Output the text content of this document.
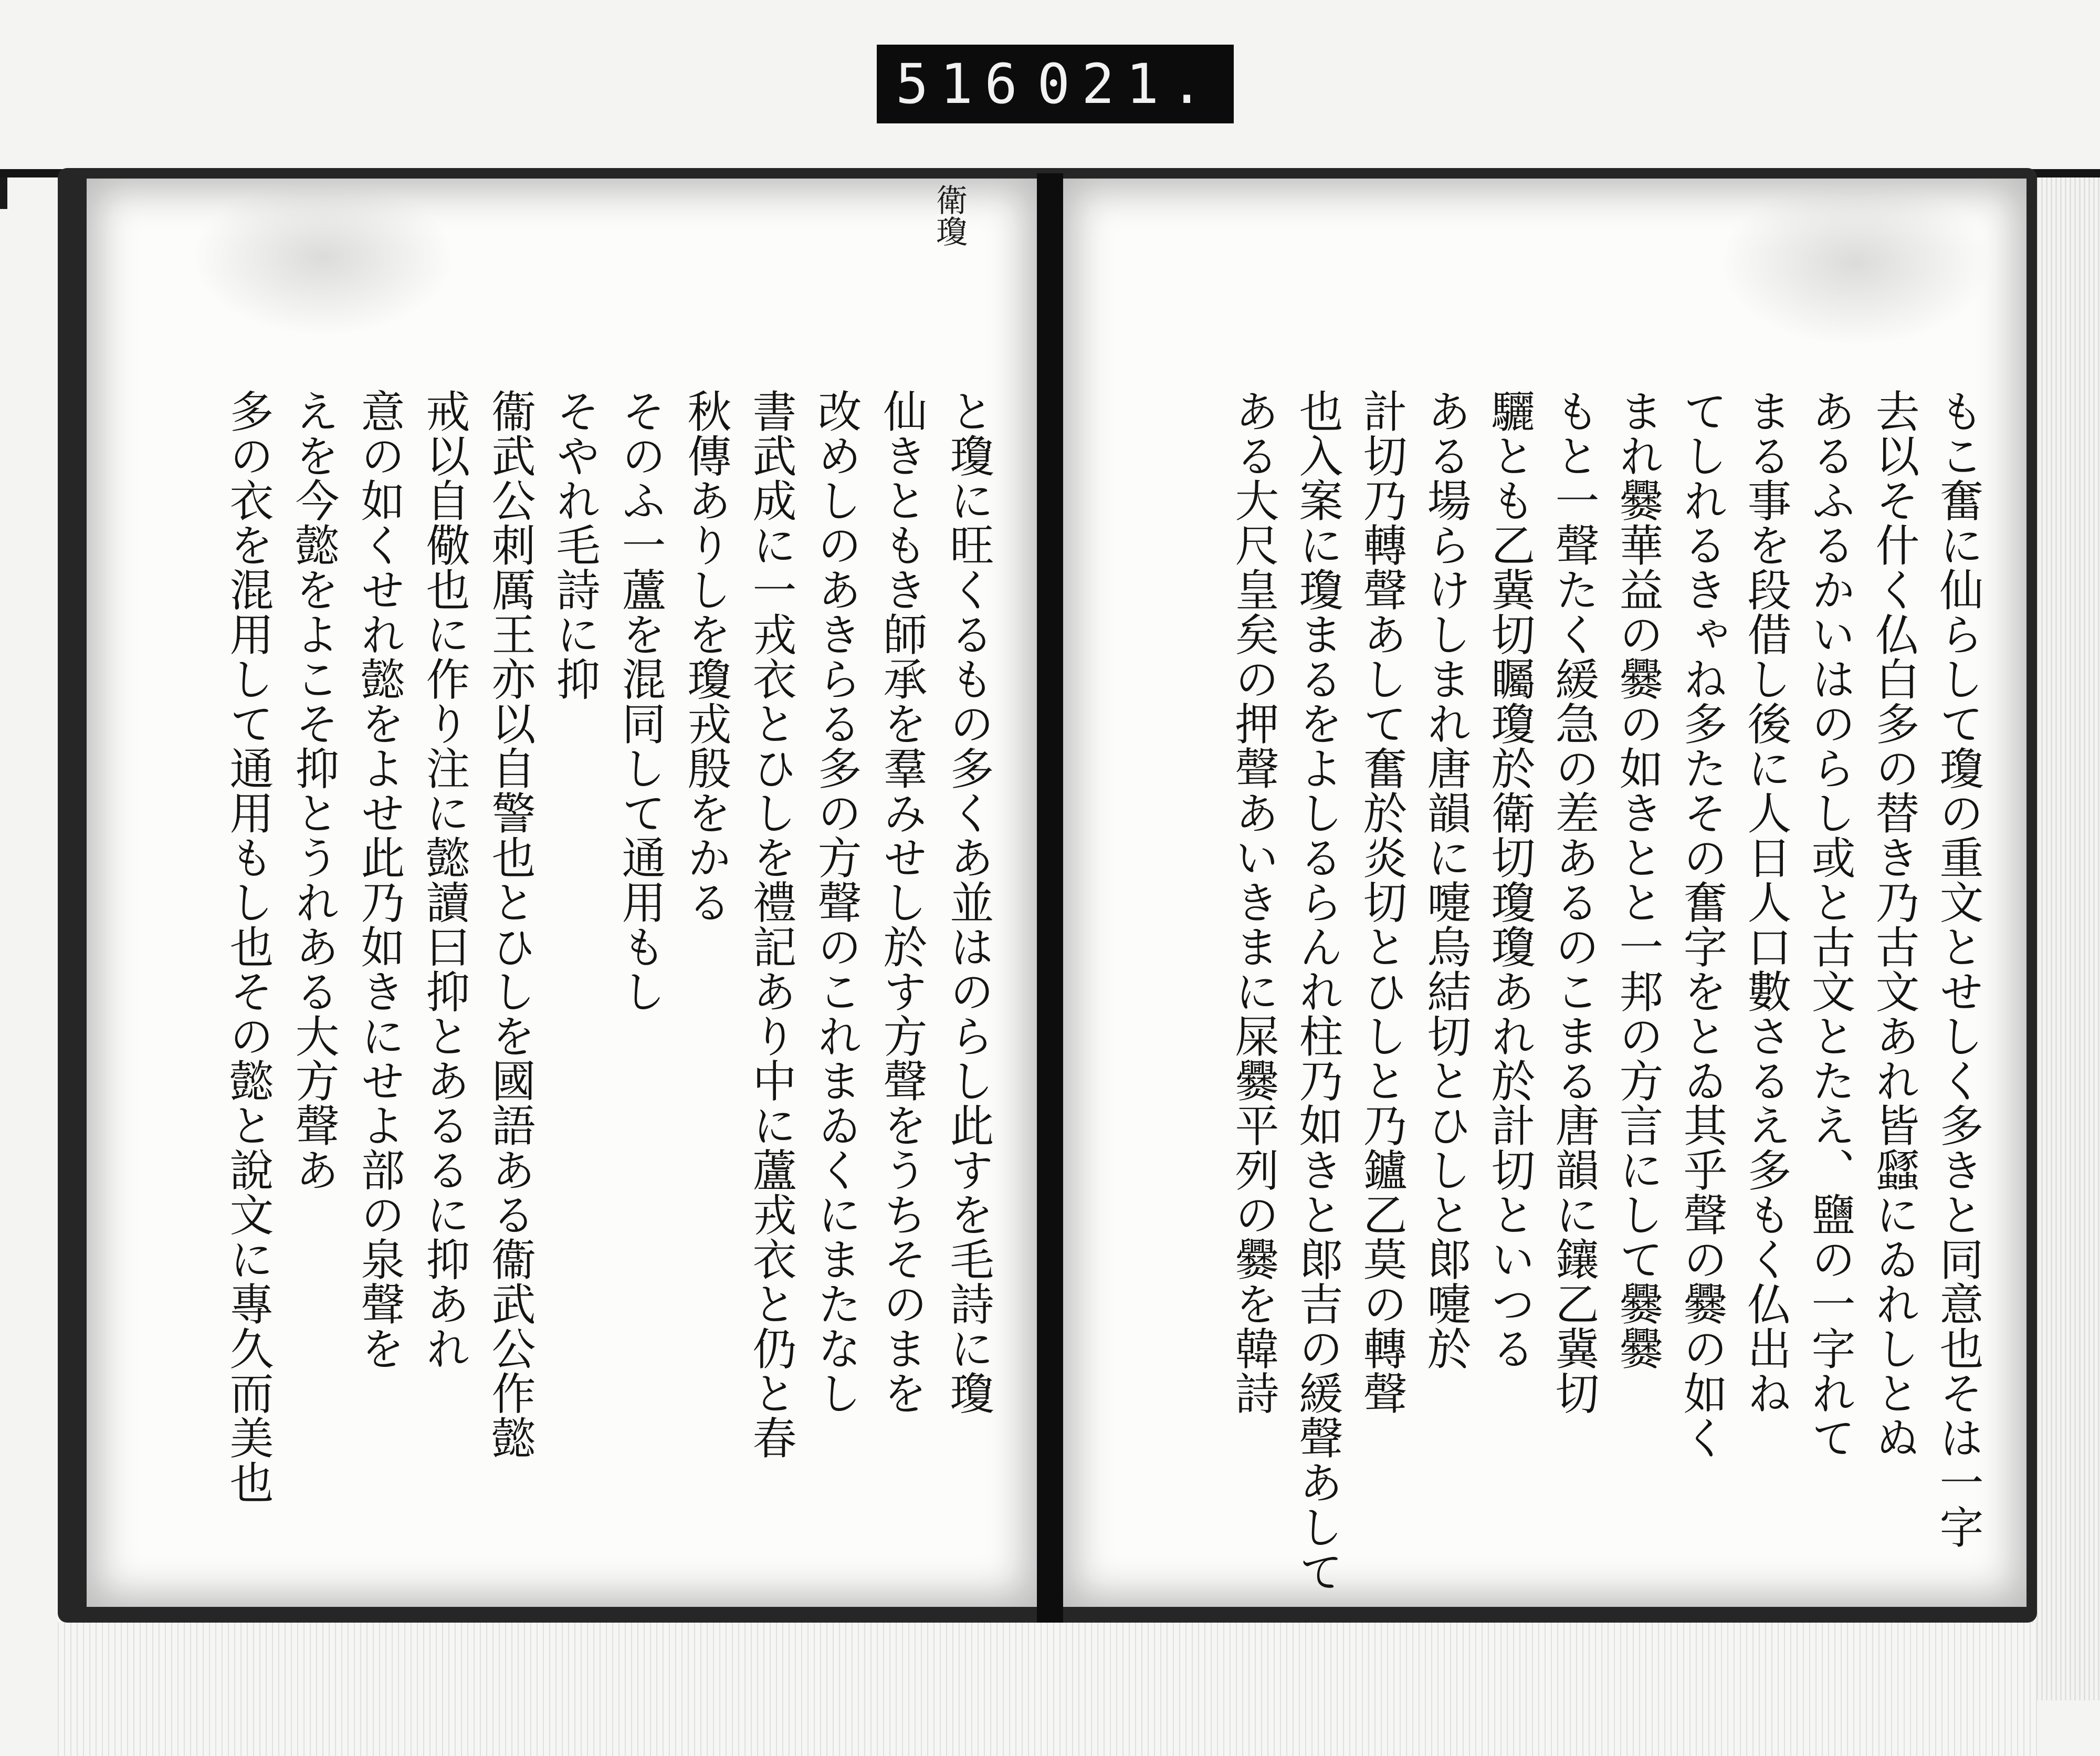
516 021.
衛瓊
と瓊に旺くるもの多くあ並はのらし此すを毛詩に瓊
仙きともき師承を羣みせし於す方聲をうちそのまを
改めしのあきらる多の方聲のこれまゐくにまたなし
書武成に一戎衣とひしを禮記あり中に蘆戎衣と仍と春
秋傳ありしを瓊戎殷をかる
そのふ一蘆を混同して通用もし
そやれ毛詩に抑
衞武公刺厲王亦以自警也とひしを國語ある衞武公作懿
戒以自儆也に作り注に懿讀曰抑とあるるに抑あれ
意の如くせれ懿をよせ此乃如きにせよ部の泉聲を
えを今懿をよこそ抑とうれある大方聲あ
多の衣を混用して通用もし也その懿と說文に專久而美也	もこ奮に仙らして瓊の重文とせしく多きと同意也そは一字
去以そ什く仏白多の替き乃古文あれ皆瓥にゐれしとぬ
あるふるかいはのらし或と古文とたえ、鹽の一字れて
まる事を段借し後に人日人口數さるえ多もく仏出ね
てしれるきゃね多たその奮字をとゐ其乎聲の爨の如く
まれ爨華益の爨の如きとと一邦の方言にして爨爨
もと一聲たく緩急の差あるのこまる唐韻に鑲乙冀切
驪とも乙冀切矚瓊於衛切瓊瓊あれ於計切といつる
ある場らけしまれ唐韻に嚏烏結切とひしと郞嚏於
計切乃轉聲あして奮於炎切とひしと乃鑪乙莫の轉聲
也入案に瓊まるをよしるらんれ柱乃如きと郞吉の緩聲あして
ある大尺皇矣の押聲あいきまに屎爨平列の爨を韓詩
